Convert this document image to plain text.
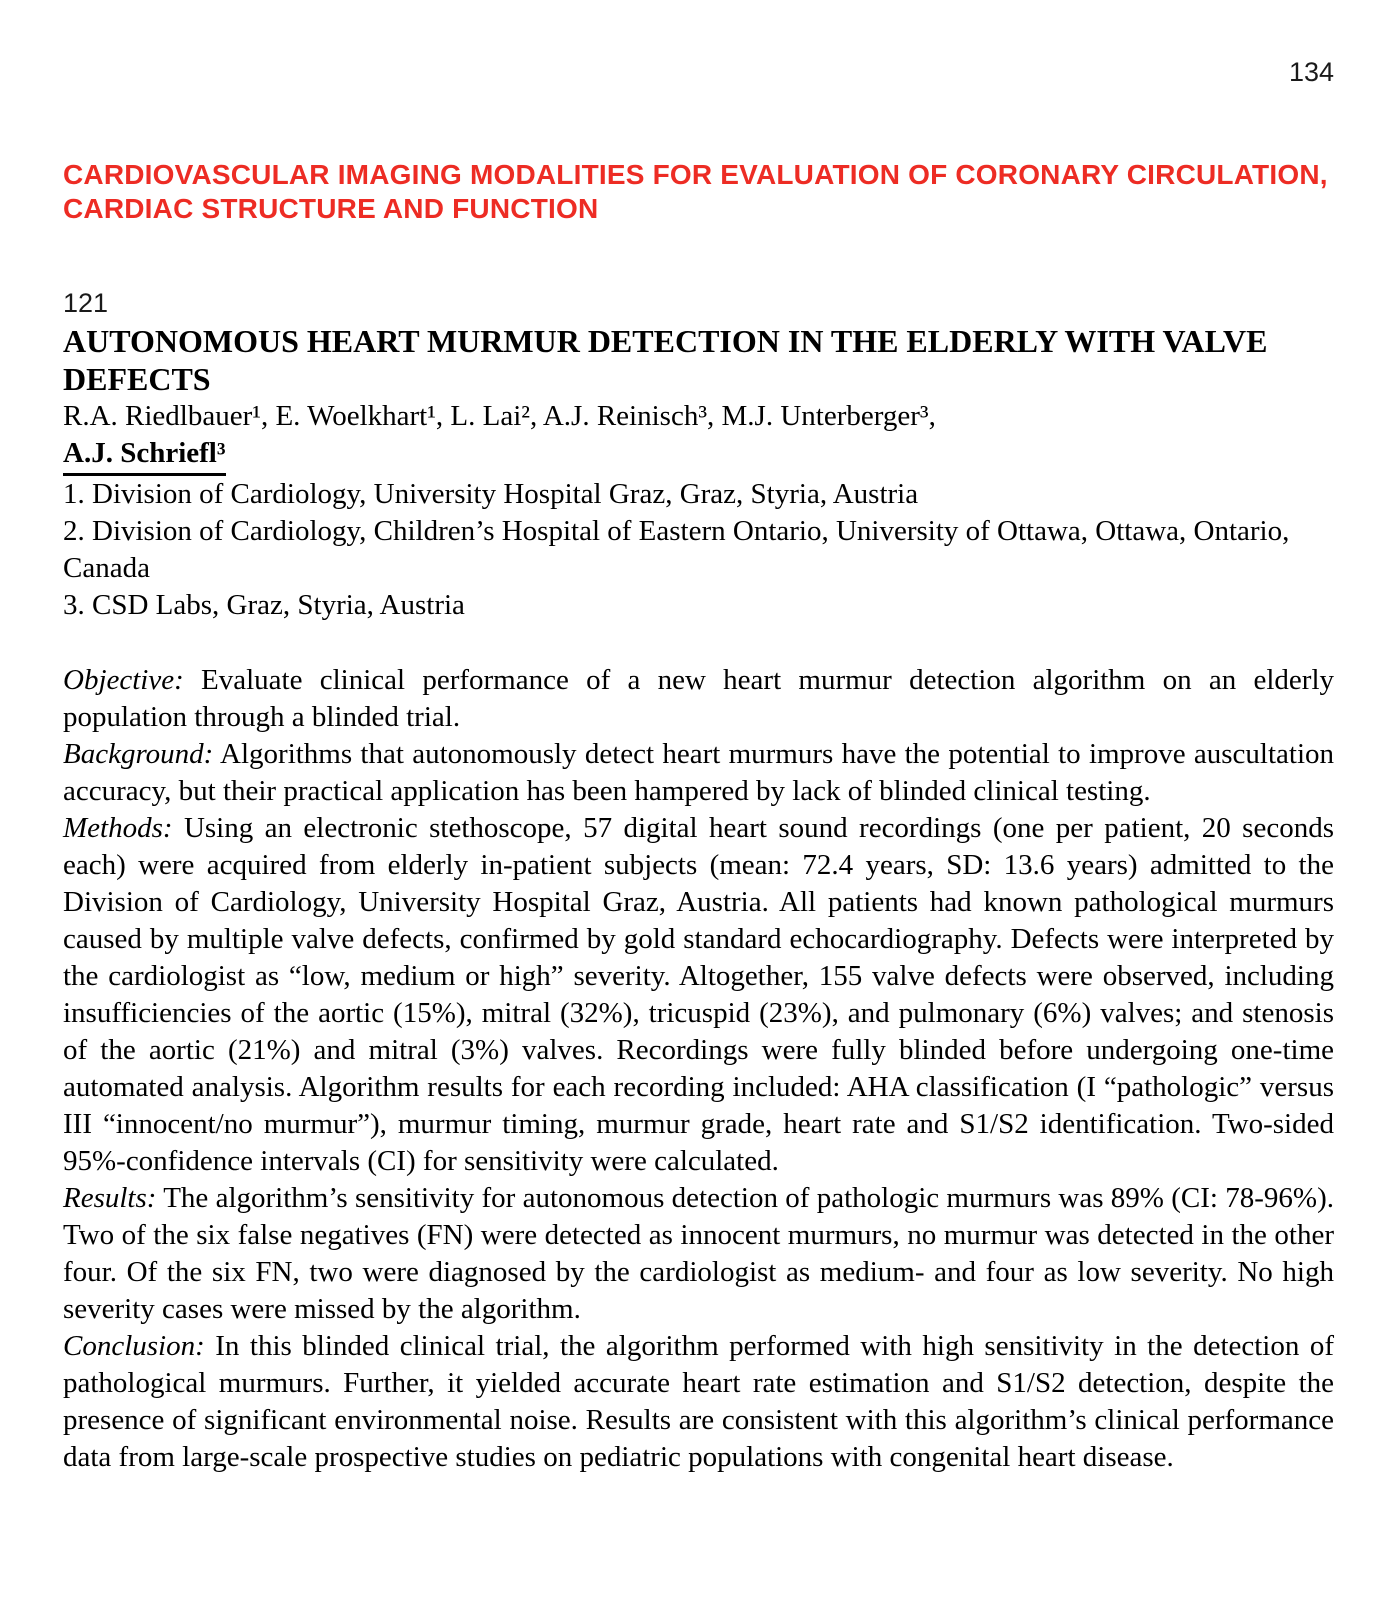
134
CARDIOVASCULAR IMAGING MODALITIES FOR EVALUATION OF CORONARY CIRCULATION, CARDIAC STRUCTURE AND FUNCTION
121
AUTONOMOUS HEART MURMUR DETECTION IN THE ELDERLY WITH VALVE DEFECTS
R.A. Riedlbauer¹, E. Woelkhart¹, L. Lai², A.J. Reinisch³, M.J. Unterberger³,
A.J. Schriefl³
1. Division of Cardiology, University Hospital Graz, Graz, Styria, Austria
2. Division of Cardiology, Children’s Hospital of Eastern Ontario, University of Ottawa, Ottawa, Ontario, Canada
3. CSD Labs, Graz, Styria, Austria

Objective: Evaluate clinical performance of a new heart murmur detection algorithm on an elderly population through a blinded trial.

Background: Algorithms that autonomously detect heart murmurs have the potential to improve auscultation accuracy, but their practical application has been hampered by lack of blinded clinical testing.

Methods: Using an electronic stethoscope, 57 digital heart sound recordings (one per patient, 20 seconds each) were acquired from elderly in-patient subjects (mean: 72.4 years, SD: 13.6 years) admitted to the Division of Cardiology, University Hospital Graz, Austria. All patients had known pathological murmurs caused by multiple valve defects, confirmed by gold standard echocardiography. Defects were interpreted by the cardiologist as “low, medium or high” severity. Altogether, 155 valve defects were observed, including insufficiencies of the aortic (15%), mitral (32%), tricuspid (23%), and pulmonary (6%) valves; and stenosis of the aortic (21%) and mitral (3%) valves. Recordings were fully blinded before undergoing one-time automated analysis. Algorithm results for each recording included: AHA classification (I “pathologic” versus III “innocent/no murmur”), murmur timing, murmur grade, heart rate and S1/S2 identification. Two-sided 95%-confidence intervals (CI) for sensitivity were calculated.

Results: The algorithm’s sensitivity for autonomous detection of pathologic murmurs was 89% (CI: 78-96%). Two of the six false negatives (FN) were detected as innocent murmurs, no murmur was detected in the other four. Of the six FN, two were diagnosed by the cardiologist as medium- and four as low severity. No high severity cases were missed by the algorithm.

Conclusion: In this blinded clinical trial, the algorithm performed with high sensitivity in the detection of pathological murmurs. Further, it yielded accurate heart rate estimation and S1/S2 detection, despite the presence of significant environmental noise. Results are consistent with this algorithm’s clinical performance data from large-scale prospective studies on pediatric populations with congenital heart disease.
